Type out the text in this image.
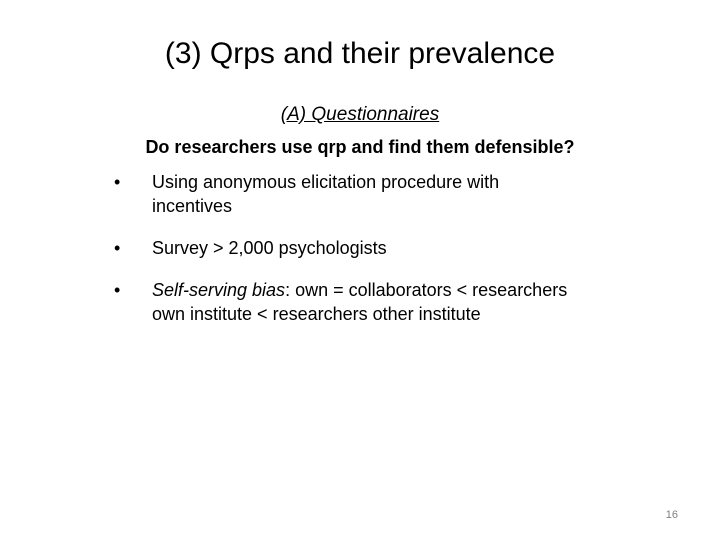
(3) Qrps and their prevalence
(A) Questionnaires
Do researchers use qrp and find them defensible?
• Using anonymous elicitation procedure with incentives
• Survey > 2,000 psychologists
• Self-serving bias: own = collaborators < researchers own institute < researchers other institute
16
